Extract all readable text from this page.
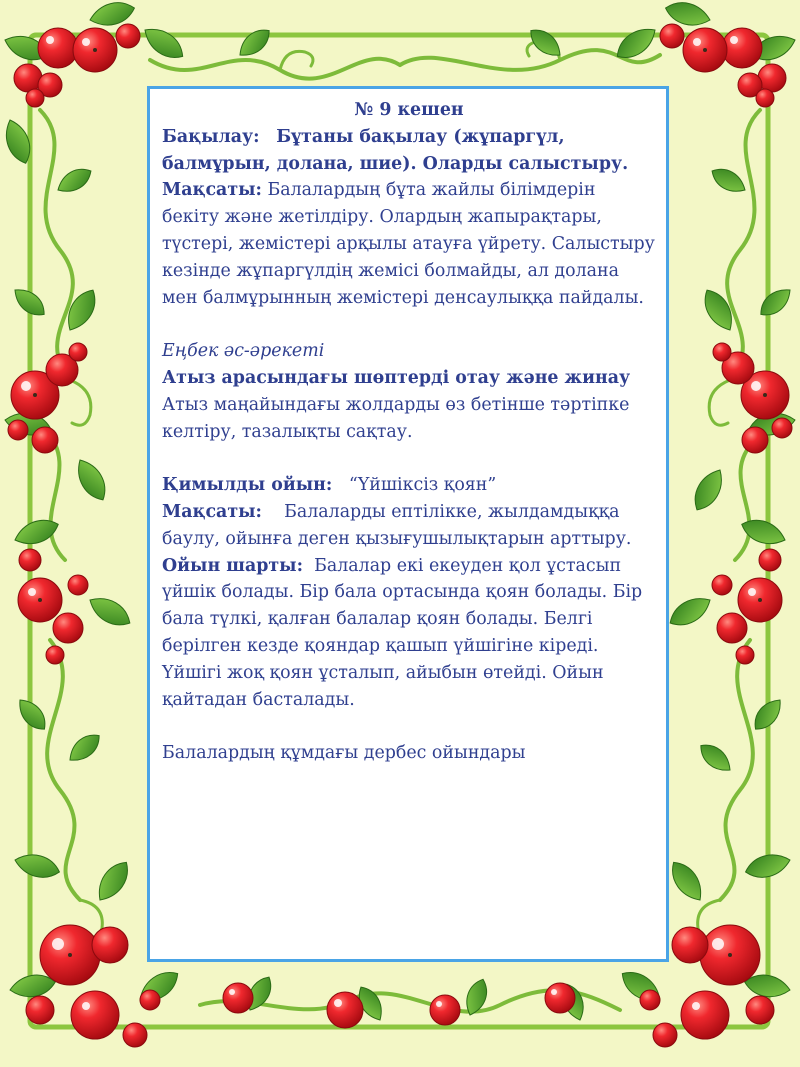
№ 9 кешен

Бақылау: Бұтаны бақылау (жұпаргүл, балмұрын, долана, шие). Оларды салыстыру.

Мақсаты: Балалардың бұта жайлы білімдерін бекіту және жетілдіру. Олардың жапырақтары, түстері, жемістері арқылы атауға үйрету. Салыстыру кезінде жұпаргүлдің жемісі болмайды, ал долана мен балмұрынның жемістері денсаулыққа пайдалы.

Еңбек әс-әрекеті

Атыз арасындағы шөптерді отау және жинау

Атыз маңайындағы жолдарды өз бетінше тәртіпке келтіру, тазалықты сақтау.

Қимылды ойын: “Үйшіксіз қоян”

Мақсаты: Балаларды ептілікке, жылдамдыққа баулу, ойынға деген қызығушылықтарын арттыру.

Ойын шарты: Балалар екі екеуден қол ұстасып үйшік болады. Бір бала ортасында қоян болады. Бір бала түлкі, қалған балалар қоян болады. Белгі берілген кезде қояндар қашып үйшігіне кіреді. Үйшігі жоқ қоян ұсталып, айыбын өтейді. Ойын қайтадан басталады.

Балалардың құмдағы дербес ойындары
